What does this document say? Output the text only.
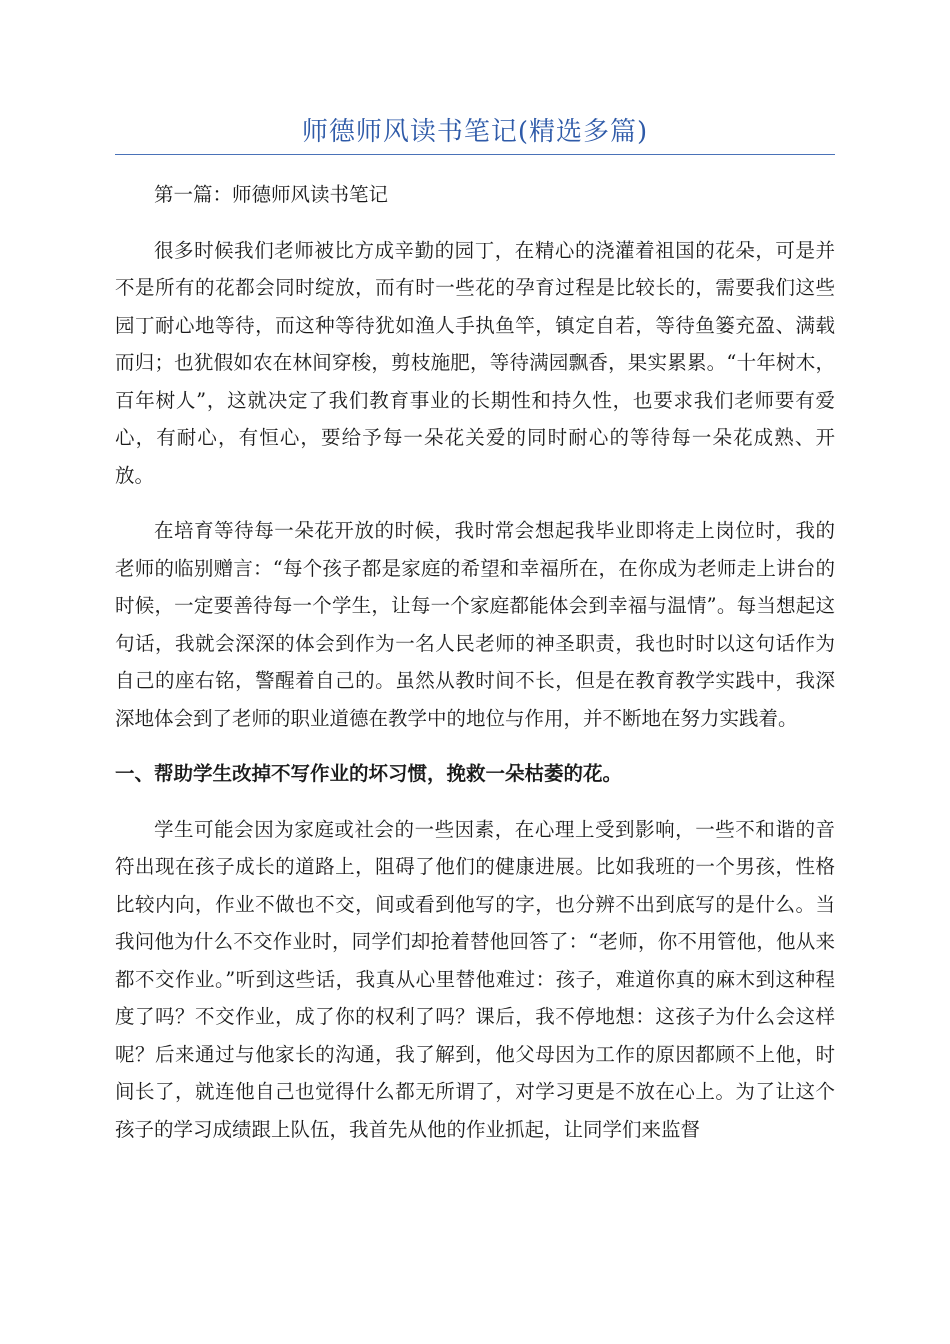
师德师风读书笔记(精选多篇)

第一篇：师德师风读书笔记

很多时候我们老师被比方成辛勤的园丁，在精心的浇灌着祖国的花朵，可是并不是所有的花都会同时绽放，而有时一些花的孕育过程是比较长的，需要我们这些园丁耐心地等待，而这种等待犹如渔人手执鱼竿，镇定自若，等待鱼篓充盈、满载而归；也犹假如农在林间穿梭，剪枝施肥，等待满园飘香，果实累累。“十年树木，百年树人”，这就决定了我们教育事业的长期性和持久性，也要求我们老师要有爱心，有耐心，有恒心，要给予每一朵花关爱的同时耐心的等待每一朵花成熟、开放。

在培育等待每一朵花开放的时候，我时常会想起我毕业即将走上岗位时，我的老师的临别赠言：“每个孩子都是家庭的希望和幸福所在，在你成为老师走上讲台的时候，一定要善待每一个学生，让每一个家庭都能体会到幸福与温情”。每当想起这句话，我就会深深的体会到作为一名人民老师的神圣职责，我也时时以这句话作为自己的座右铭，警醒着自己的。虽然从教时间不长，但是在教育教学实践中，我深深地体会到了老师的职业道德在教学中的地位与作用，并不断地在努力实践着。

一、帮助学生改掉不写作业的坏习惯，挽救一朵枯萎的花。

学生可能会因为家庭或社会的一些因素，在心理上受到影响，一些不和谐的音符出现在孩子成长的道路上，阻碍了他们的健康进展。比如我班的一个男孩，性格比较内向，作业不做也不交，间或看到他写的字，也分辨不出到底写的是什么。当我问他为什么不交作业时，同学们却抢着替他回答了：“老师，你不用管他，他从来都不交作业。”听到这些话，我真从心里替他难过：孩子，难道你真的麻木到这种程度了吗？不交作业，成了你的权利了吗？课后，我不停地想：这孩子为什么会这样呢？后来通过与他家长的沟通，我了解到，他父母因为工作的原因都顾不上他，时间长了，就连他自己也觉得什么都无所谓了，对学习更是不放在心上。为了让这个孩子的学习成绩跟上队伍，我首先从他的作业抓起，让同学们来监督
